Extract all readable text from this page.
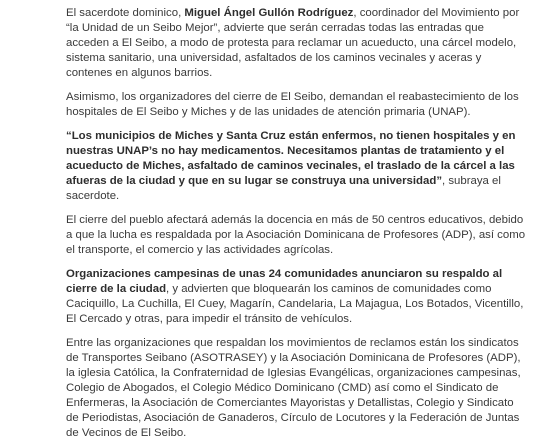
El sacerdote dominico, Miguel Ángel Gullón Rodríguez, coordinador del Movimiento por “la Unidad de un Seibo Mejor”, advierte que serán cerradas todas las entradas que acceden a El Seibo, a modo de protesta para reclamar un acueducto, una cárcel modelo, sistema sanitario, una universidad, asfaltados de los caminos vecinales y aceras y contenes en algunos barrios.

Asimismo, los organizadores del cierre de El Seibo, demandan el reabastecimiento de los hospitales de El Seibo y Miches y de las unidades de atención primaria (UNAP).

“Los municipios de Miches y Santa Cruz están enfermos, no tienen hospitales y en nuestras UNAP’s no hay medicamentos. Necesitamos plantas de tratamiento y el acueducto de Miches, asfaltado de caminos vecinales, el traslado de la cárcel a las afueras de la ciudad y que en su lugar se construya una universidad”, subraya el sacerdote.

El cierre del pueblo afectará además la docencia en más de 50 centros educativos, debido a que la lucha es respaldada por la Asociación Dominicana de Profesores (ADP), así como el transporte, el comercio y las actividades agrícolas.

Organizaciones campesinas de unas 24 comunidades anunciaron su respaldo al cierre de la ciudad, y advierten que bloquearán los caminos de comunidades como Caciquillo, La Cuchilla, El Cuey, Magarín, Candelaria, La Majagua, Los Botados, Vicentillo, El Cercado y otras, para impedir el tránsito de vehículos.

Entre las organizaciones que respaldan los movimientos de reclamos están los sindicatos de Transportes Seibano (ASOTRASEY) y la Asociación Dominicana de Profesores (ADP), la iglesia Católica, la Confraternidad de Iglesias Evangélicas, organizaciones campesinas, Colegio de Abogados, el Colegio Médico Dominicano (CMD) así como el Sindicato de Enfermeras, la Asociación de Comerciantes Mayoristas y Detallistas, Colegio y Sindicato de Periodistas, Asociación de Ganaderos, Círculo de Locutores y la Federación de Juntas de Vecinos de El Seibo.
